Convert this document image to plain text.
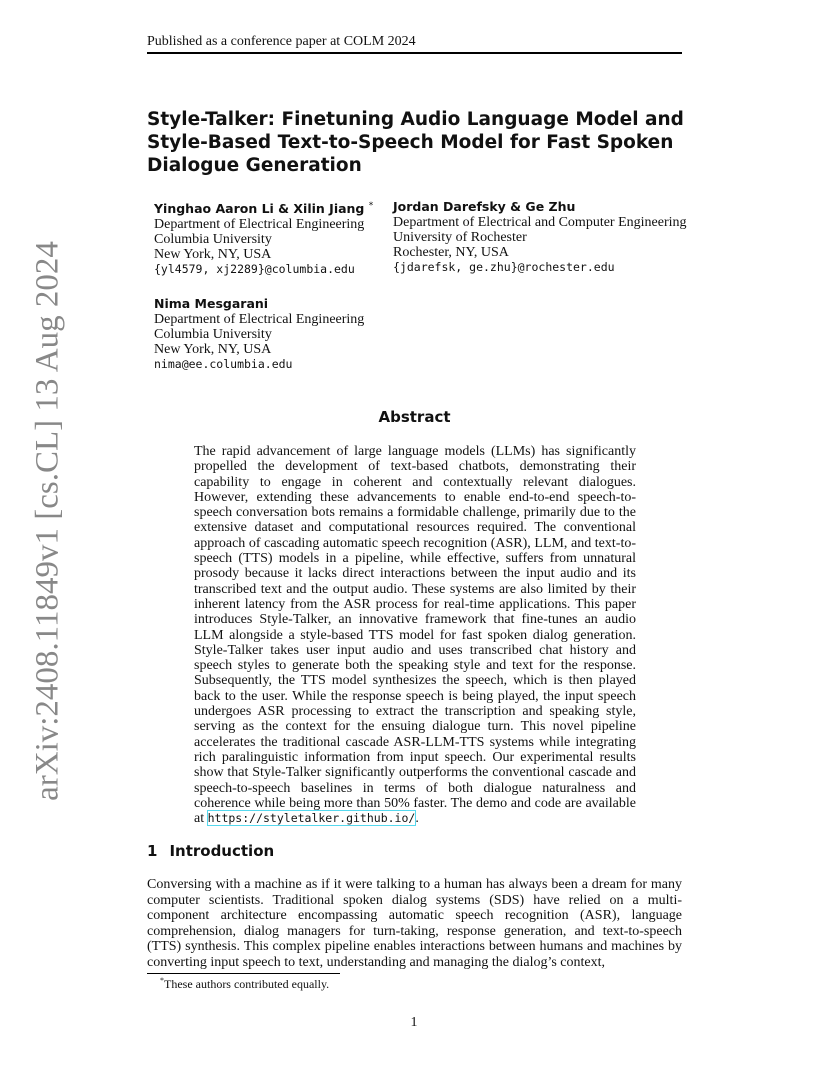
Published as a conference paper at COLM 2024
arXiv:2408.11849v1 [cs.CL] 13 Aug 2024
Style-Talker: Finetuning Audio Language Model and Style-Based Text-to-Speech Model for Fast Spoken Dialogue Generation
Yinghao Aaron Li & Xilin Jiang *
Department of Electrical Engineering
Columbia University
New York, NY, USA
{yl4579, xj2289}@columbia.edu
Jordan Darefsky & Ge Zhu
Department of Electrical and Computer Engineering
University of Rochester
Rochester, NY, USA
{jdarefsk, ge.zhu}@rochester.edu
Nima Mesgarani
Department of Electrical Engineering
Columbia University
New York, NY, USA
nima@ee.columbia.edu
Abstract
The rapid advancement of large language models (LLMs) has significantly propelled the development of text-based chatbots, demonstrating their capability to engage in coherent and contextually relevant dialogues. However, extending these advancements to enable end-to-end speech-to-speech conversation bots remains a formidable challenge, primarily due to the extensive dataset and computational resources required. The conventional approach of cascading automatic speech recognition (ASR), LLM, and text-to-speech (TTS) models in a pipeline, while effective, suffers from unnatural prosody because it lacks direct interactions between the input audio and its transcribed text and the output audio. These systems are also limited by their inherent latency from the ASR process for real-time applications. This paper introduces Style-Talker, an innovative framework that fine-tunes an audio LLM alongside a style-based TTS model for fast spoken dialog generation. Style-Talker takes user input audio and uses transcribed chat history and speech styles to generate both the speaking style and text for the response. Subsequently, the TTS model synthesizes the speech, which is then played back to the user. While the response speech is being played, the input speech undergoes ASR processing to extract the transcription and speaking style, serving as the context for the ensuing dialogue turn. This novel pipeline accelerates the traditional cascade ASR-LLM-TTS systems while integrating rich paralinguistic information from input speech. Our experimental results show that Style-Talker significantly outperforms the conventional cascade and speech-to-speech baselines in terms of both dialogue naturalness and coherence while being more than 50% faster. The demo and code are available at https://styletalker.github.io/.
1 Introduction
Conversing with a machine as if it were talking to a human has always been a dream for many computer scientists. Traditional spoken dialog systems (SDS) have relied on a multi-component architecture encompassing automatic speech recognition (ASR), language comprehension, dialog managers for turn-taking, response generation, and text-to-speech (TTS) synthesis. This complex pipeline enables interactions between humans and machines by converting input speech to text, understanding and managing the dialog’s context,
*These authors contributed equally.
1
